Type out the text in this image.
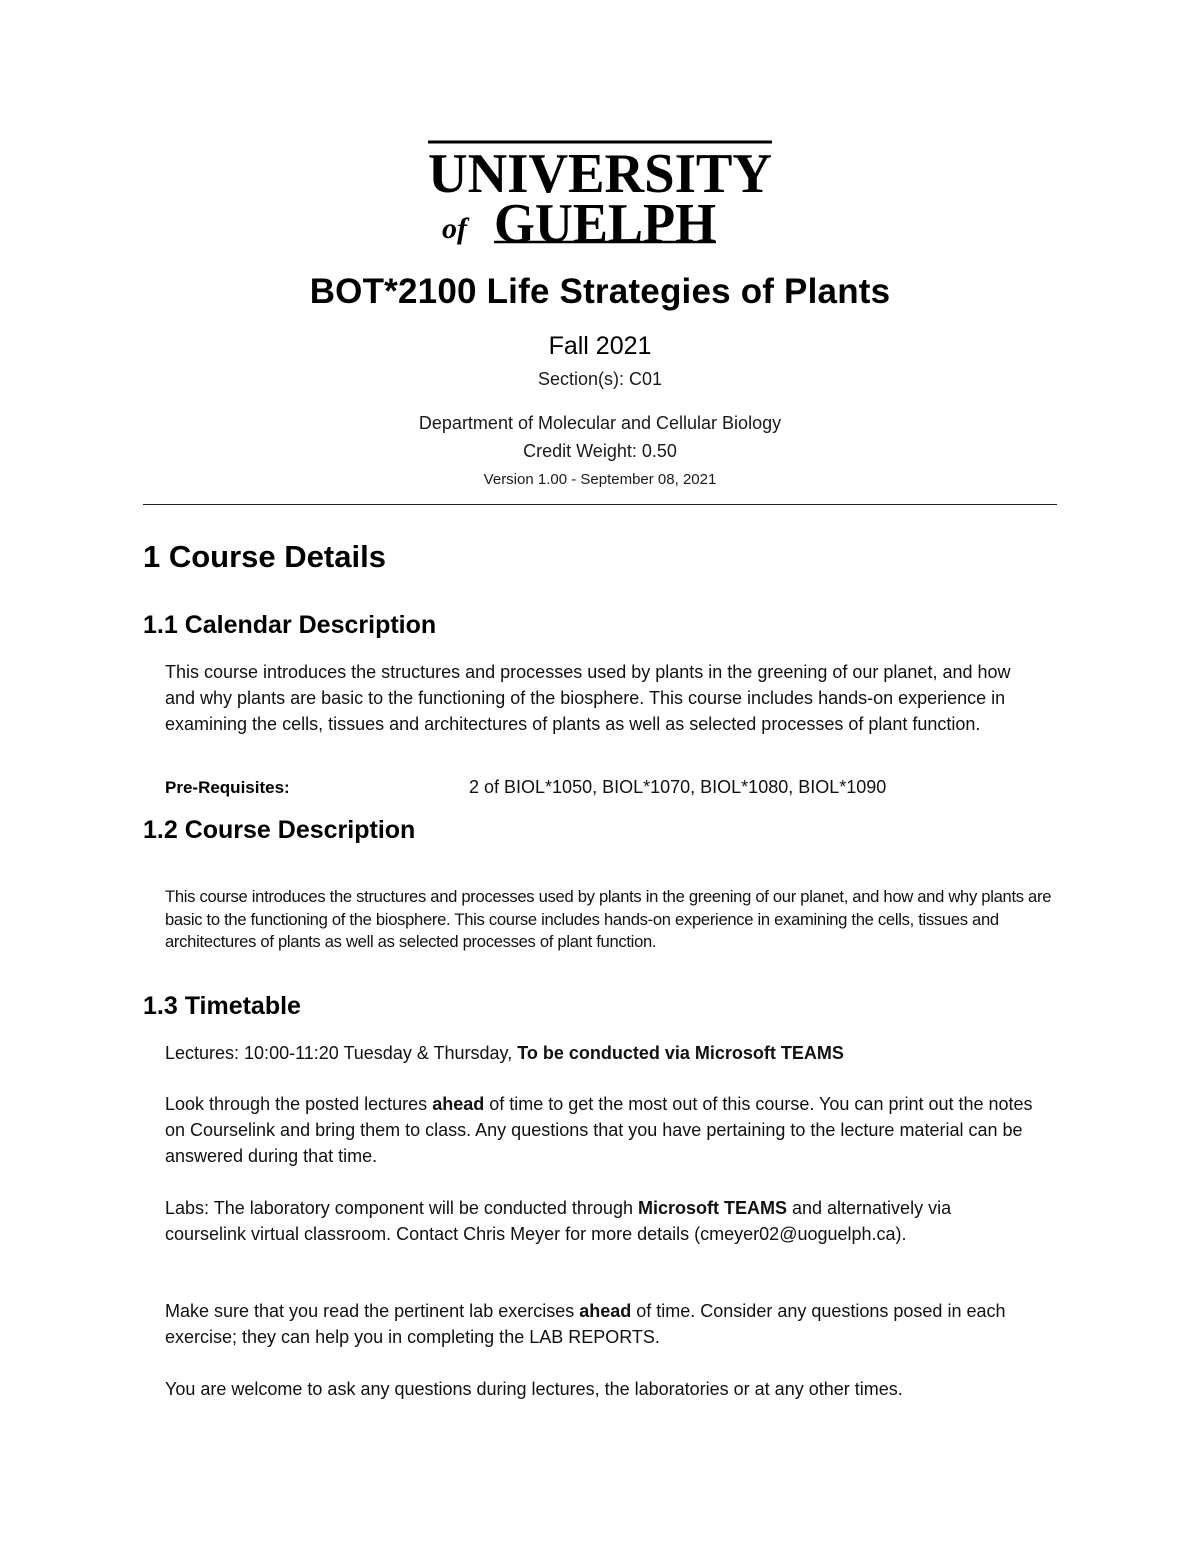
UNIVERSITY
of GUELPH
BOT*2100 Life Strategies of Plants
Fall 2021
Section(s): C01
Department of Molecular and Cellular Biology
Credit Weight: 0.50
Version 1.00 - September 08, 2021
1 Course Details
1.1 Calendar Description

This course introduces the structures and processes used by plants in the greening of our planet, and how and why plants are basic to the functioning of the biosphere. This course includes hands-on experience in examining the cells, tissues and architectures of plants as well as selected processes of plant function.

Pre-Requisites:	2 of BIOL*1050, BIOL*1070, BIOL*1080, BIOL*1090
1.2 Course Description

This course introduces the structures and processes used by plants in the greening of our planet, and how and why plants are basic to the functioning of the biosphere. This course includes hands-on experience in examining the cells, tissues and architectures of plants as well as selected processes of plant function.

1.3 Timetable

Lectures: 10:00-11:20 Tuesday & Thursday, To be conducted via Microsoft TEAMS

Look through the posted lectures ahead of time to get the most out of this course. You can print out the notes on Courselink and bring them to class. Any questions that you have pertaining to the lecture material can be answered during that time.

Labs: The laboratory component will be conducted through Microsoft TEAMS and alternatively via courselink virtual classroom. Contact Chris Meyer for more details (cmeyer02@uoguelph.ca).

Make sure that you read the pertinent lab exercises ahead of time. Consider any questions posed in each exercise; they can help you in completing the LAB REPORTS.

You are welcome to ask any questions during lectures, the laboratories or at any other times.
